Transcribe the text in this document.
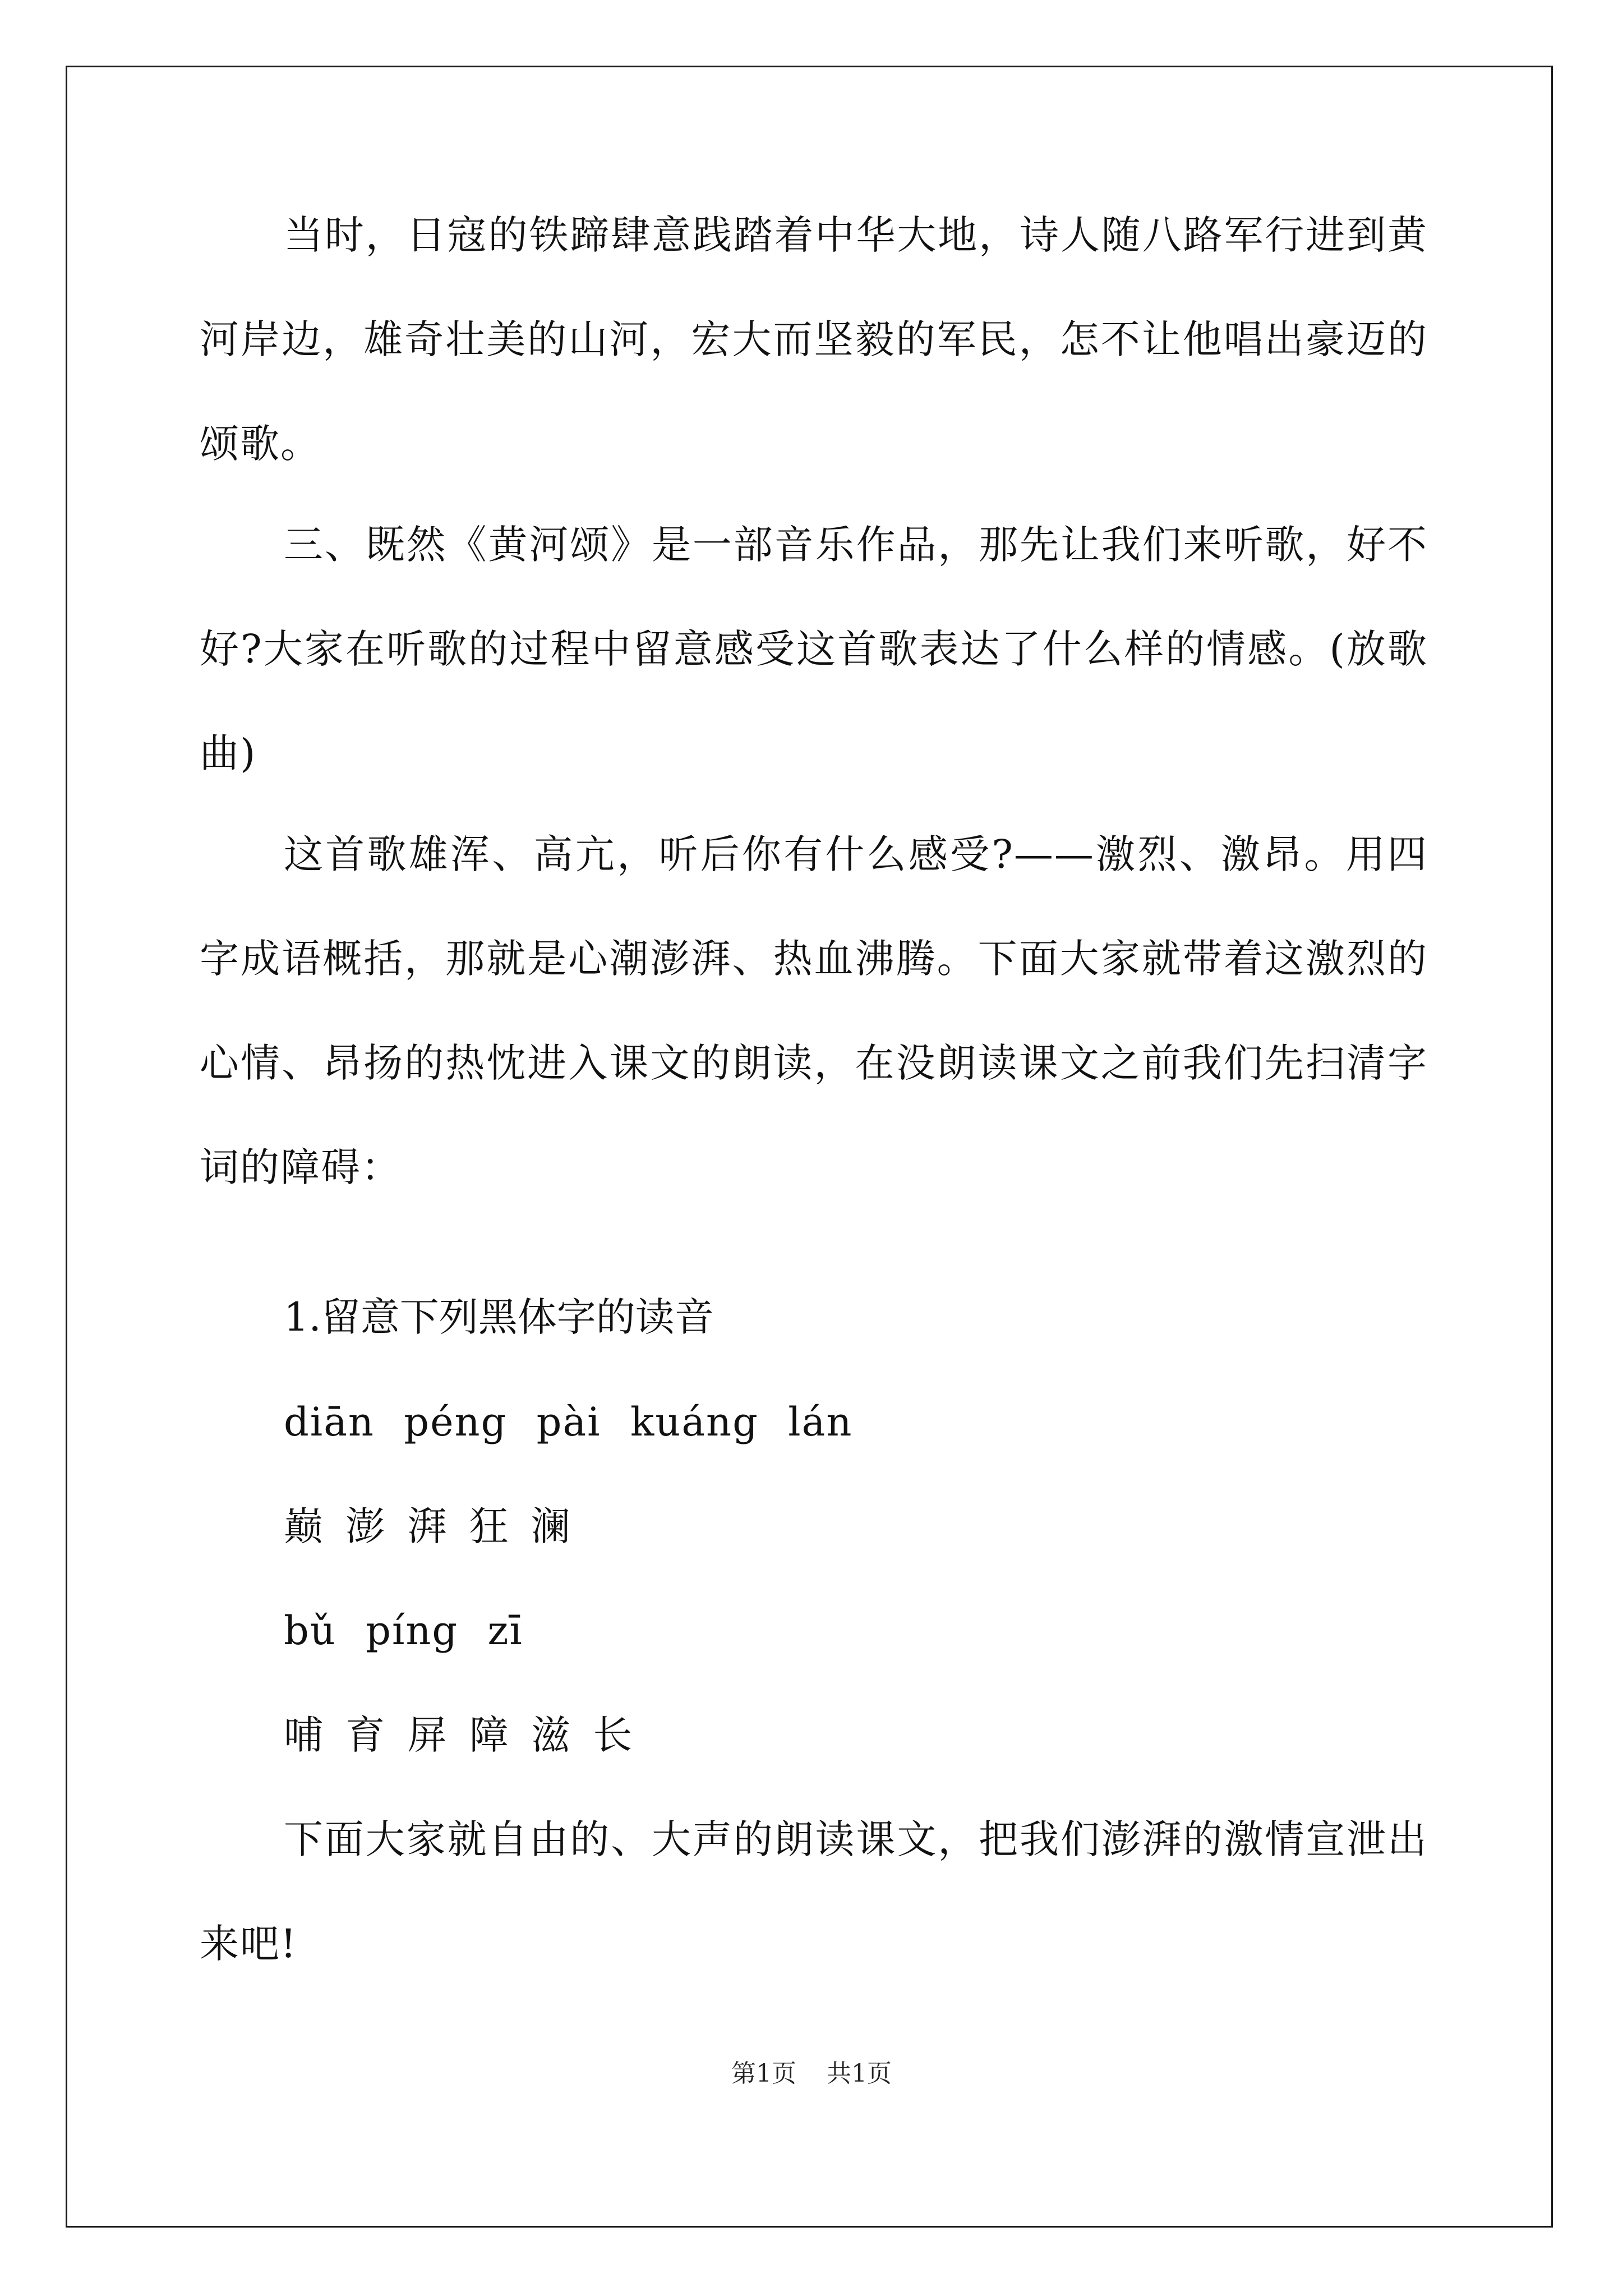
当时，日寇的铁蹄肆意践踏着中华大地，诗人随八路军行进到黄河岸边，雄奇壮美的山河，宏大而坚毅的军民，怎不让他唱出豪迈的颂歌。

三、既然《黄河颂》是一部音乐作品，那先让我们来听歌，好不好?大家在听歌的过程中留意感受这首歌表达了什么样的情感。(放歌曲)

这首歌雄浑、高亢，听后你有什么感受?——激烈、激昂。用四字成语概括，那就是心潮澎湃、热血沸腾。下面大家就带着这激烈的心情、昂扬的热忱进入课文的朗读，在没朗读课文之前我们先扫清字词的障碍：

1.留意下列黑体字的读音

diān péng pài kuáng lán

巅 澎 湃 狂 澜

bǔ píng zī

哺 育 屏 障 滋 长

下面大家就自由的、大声的朗读课文，把我们澎湃的激情宣泄出来吧!

第1页 共1页
